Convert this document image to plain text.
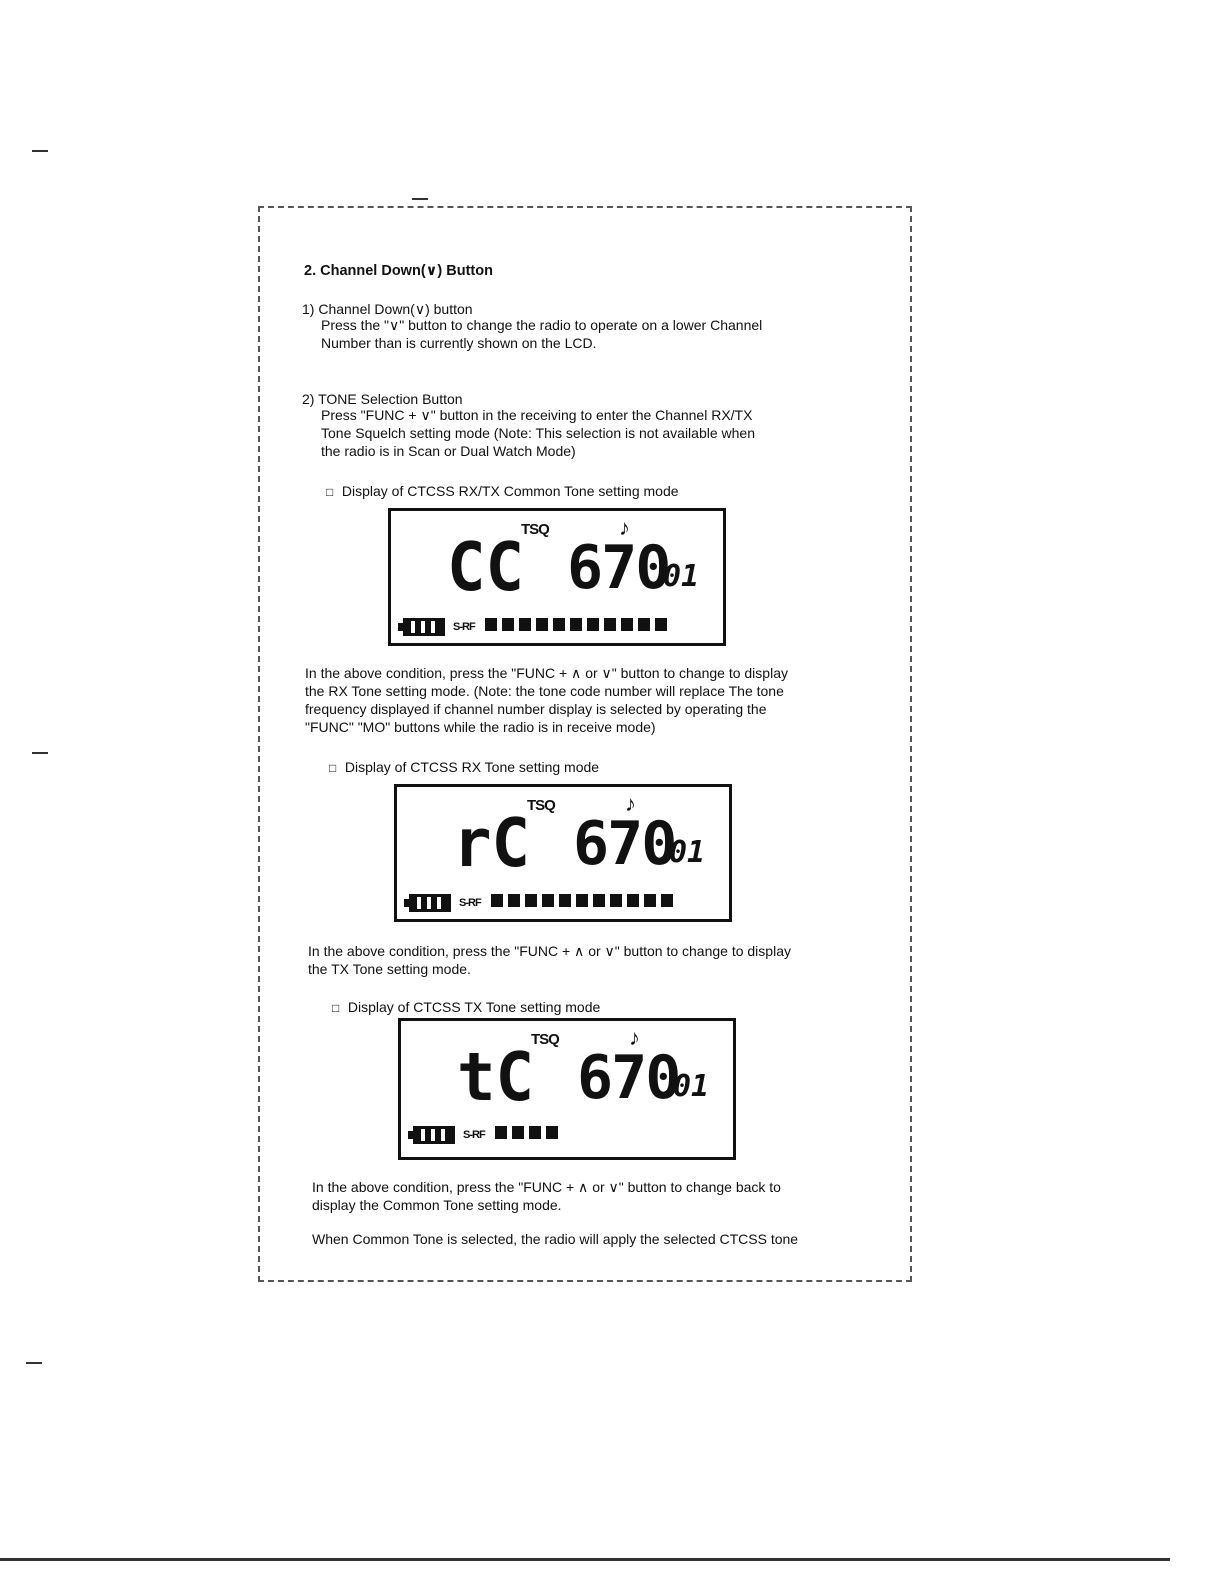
2. Channel Down(∨) Button
1) Channel Down(∨) button
Press the "∨" button to change the radio to operate on a lower Channel
Number than is currently shown on the LCD.
2) TONE Selection Button
Press "FUNC + ∨" button in the receiving to enter the Channel RX/TX
Tone Squelch setting mode (Note: This selection is not available when
the radio is in Scan or Dual Watch Mode)
□ Display of CTCSS RX/TX Common Tone setting mode
TSQ	♪
CC 670
01
S-RF
In the above condition, press the "FUNC + ∧ or ∨" button to change to display
the RX Tone setting mode. (Note: the tone code number will replace The tone
frequency displayed if channel number display is selected by operating the
"FUNC" "MO" buttons while the radio is in receive mode)
□ Display of CTCSS RX Tone setting mode
TSQ	♪
rC 670
01
S-RF
In the above condition, press the "FUNC + ∧ or ∨" button to change to display
the TX Tone setting mode.
□ Display of CTCSS TX Tone setting mode
TSQ	♪
tC 670
01
S-RF
In the above condition, press the "FUNC + ∧ or ∨" button to change back to
display the Common Tone setting mode.
When Common Tone is selected, the radio will apply the selected CTCSS tone
